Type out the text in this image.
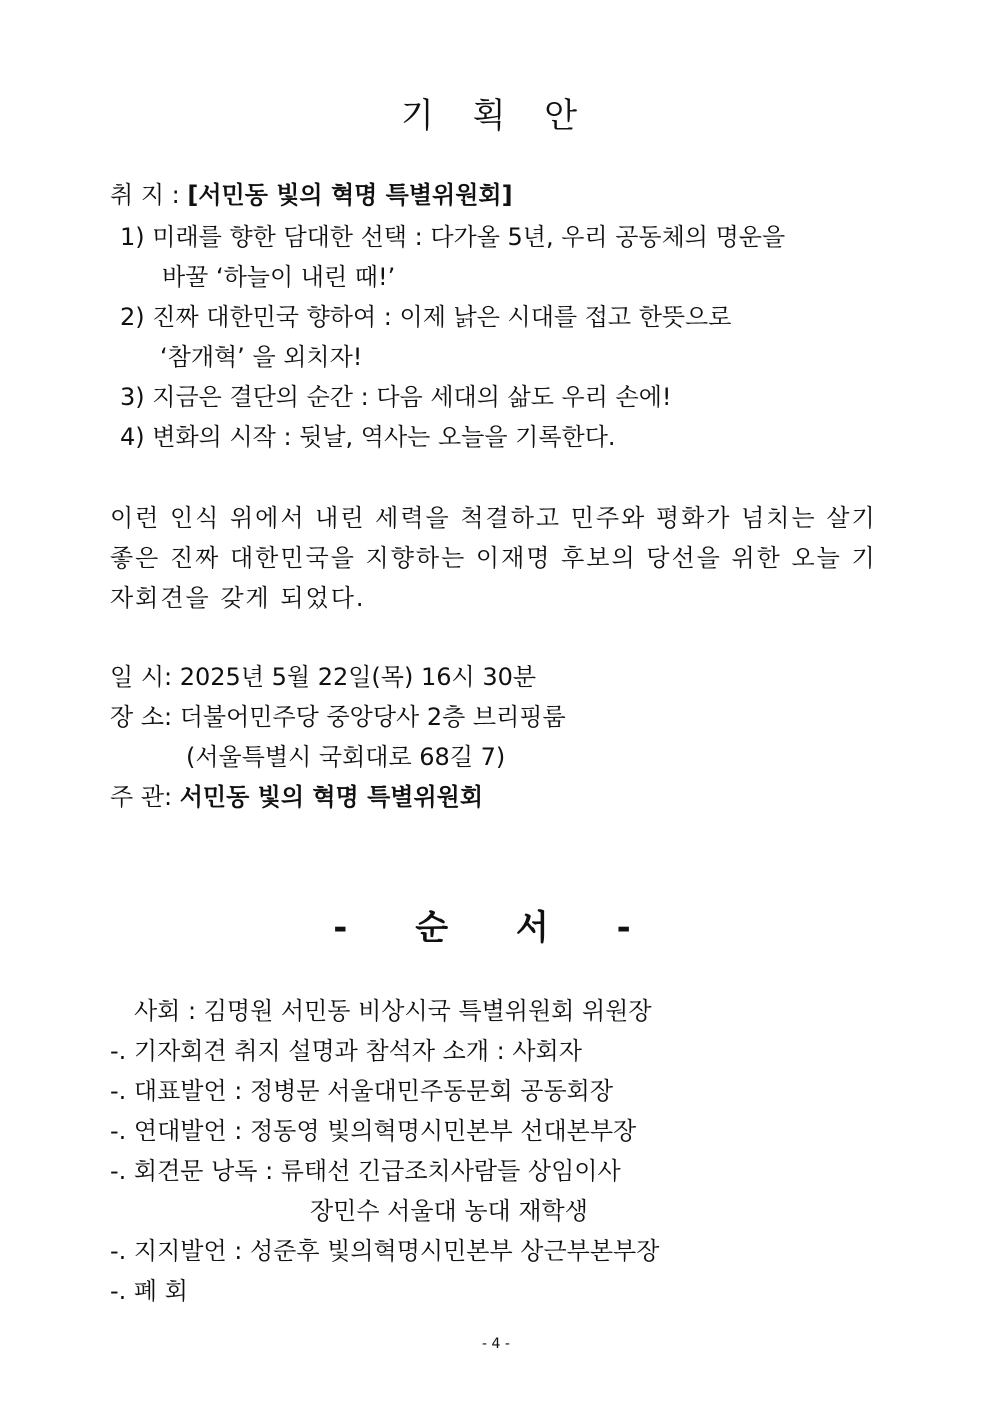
기 획 안
취 지 : [서민동 빛의 혁명 특별위원회]
1) 미래를 향한 담대한 선택 : 다가올 5년, 우리 공동체의 명운을
바꿀 ‘하늘이 내린 때!’
2) 진짜 대한민국 향하여 : 이제 낡은 시대를 접고 한뜻으로
‘참개혁’ 을 외치자!
3) 지금은 결단의 순간 : 다음 세대의 삶도 우리 손에!
4) 변화의 시작 : 뒷날, 역사는 오늘을 기록한다.
이런 인식 위에서 내린 세력을 척결하고 민주와 평화가 넘치는 살기 좋은 진짜 대한민국을 지향하는 이재명 후보의 당선을 위한 오늘 기자회견을 갖게 되었다.
일 시: 2025년 5월 22일(목) 16시 30분
장 소: 더불어민주당 중앙당사 2층 브리핑룸
(서울특별시 국회대로 68길 7)
주 관: 서민동 빛의 혁명 특별위원회
- 순 서 -
사회 : 김명원 서민동 비상시국 특별위원회 위원장
-. 기자회견 취지 설명과 참석자 소개 : 사회자
-. 대표발언 : 정병문 서울대민주동문회 공동회장
-. 연대발언 : 정동영 빛의혁명시민본부 선대본부장
-. 회견문 낭독 : 류태선 긴급조치사람들 상임이사
장민수 서울대 농대 재학생
-. 지지발언 : 성준후 빛의혁명시민본부 상근부본부장
-. 폐 회
- 4 -
